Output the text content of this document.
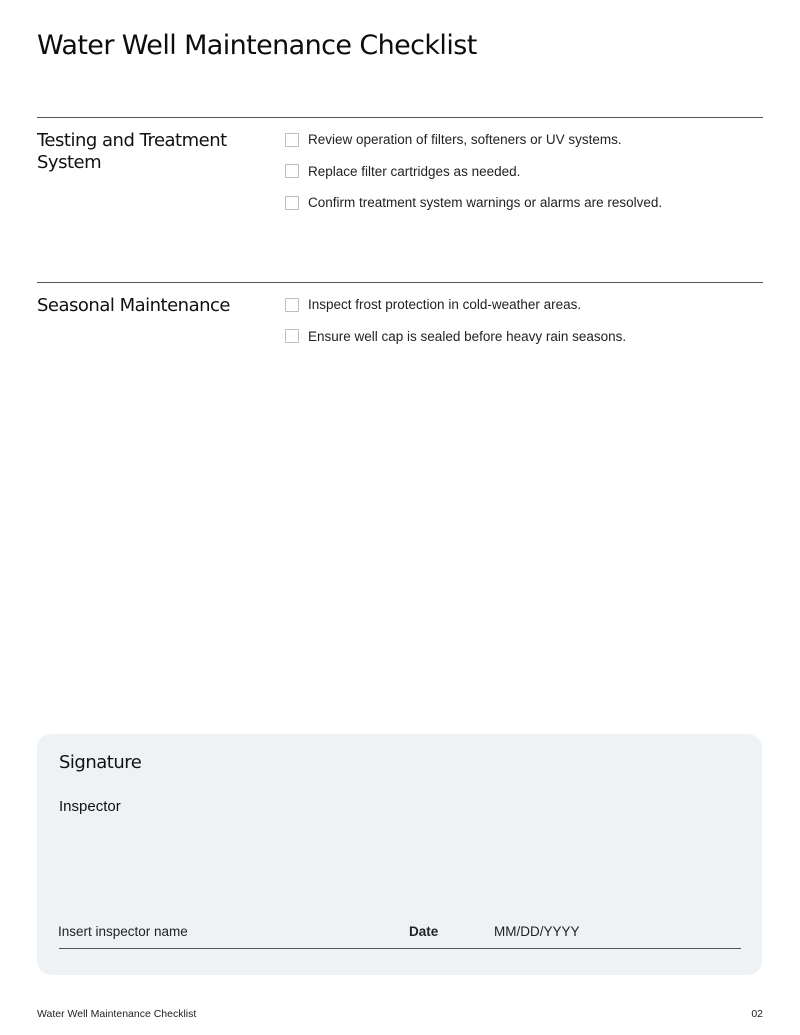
Water Well Maintenance Checklist
Testing and Treatment System
Review operation of filters, softeners or UV systems.
Replace filter cartridges as needed.
Confirm treatment system warnings or alarms are resolved.
Seasonal Maintenance	Inspect frost protection in cold-weather areas.
Ensure well cap is sealed before heavy rain seasons.
Signature
Inspector
Insert inspector name	Date	MM/DD/YYYY
Water Well Maintenance Checklist	02
